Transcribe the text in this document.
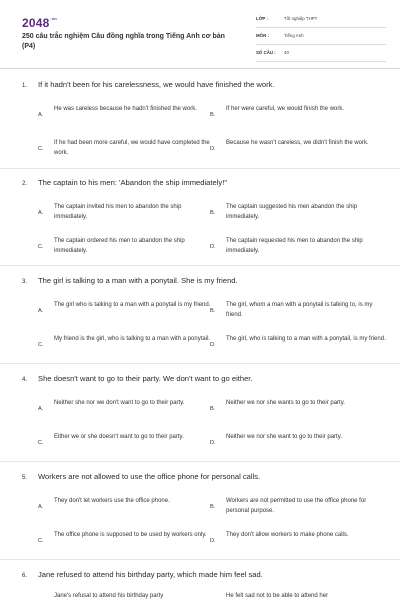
$2048^{.vn}$
250 câu trắc nghiệm Câu đồng nghĩa trong Tiếng Anh cơ bản (P4)
LỚP :	Tốt nghiệp THPT
MÔN :	Tiếng Anh
SỐ CÂU : 40
1. If it hadn't been for his carelessness, we would have finished the work.
A.
He was careless because he hadn't finished the work.
B.
If her were careful, we would finish the work.
C.
If he had been more careful, we would have completed the work.
D.
Because he wasn't careless, we didn't finish the work.
2. The captain to his men: 'Abandon the ship immediately!"
A.
The captain invited his men to abandon the ship immediately.
B.
The captain suggested his men abandon the ship immediately.
C.
The captain ordered his men to abandon the ship immediately.
D.
The captain requested his men to abandon the ship immediately.
3. The girl is talking to a man with a ponytail. She is my friend.
A.
The girl who is talking to a man with a ponytail is my friend.
B.
The girl, whom a man with a ponytail is talking to, is my friend.
C.
My friend is the girl, who is talking to a man with a ponytail.
D.
The girl, who is talking to a man with a ponytail, is my friend.
4. She doesn't want to go to their party. We don't want to go either.
A.
Neither she nor we don't want to go to their party.
B.
Neither we nor she wants to go to their party.
C.
Either we or she doesn't want to go to their party.
D.
Neither we nor she want to go to their party.
5. Workers are not allowed to use the office phone for personal calls.
A.
They don't let workers use the office phone.
B.
Workers are not permitted to use the office phone for personal purpose.
C.
The office phone is supposed to be used by workers only.
D.
They don't allow workers to make phone calls.
6. Jane refused to attend his birthday party, which made him feel sad.
Jane's refusal to attend his birthday party	He felt sad not to be able to attend her
